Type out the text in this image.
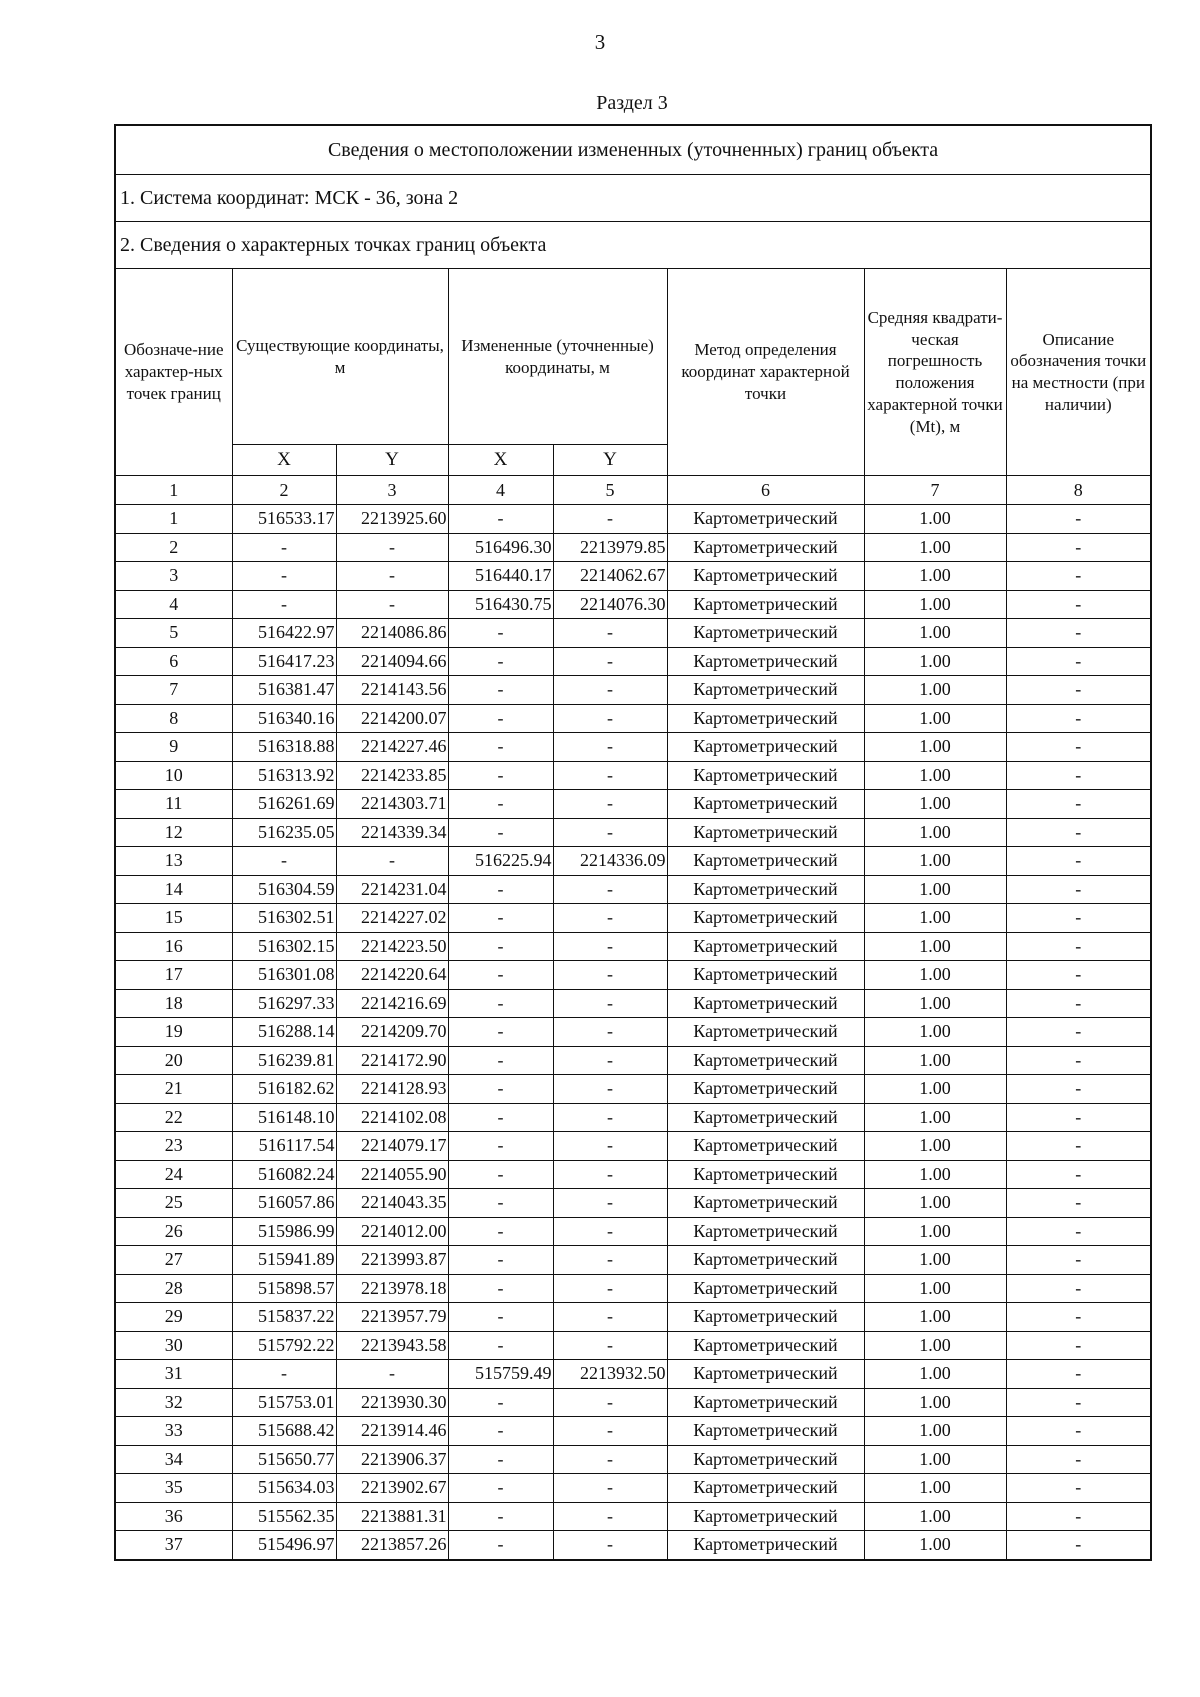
3
Раздел 3
Сведения о местоположении измененных (уточненных) границ объекта							
1. Система координат: МСК - 36, зона 2							
2. Сведения о характерных точках границ объекта							
Обозначе-ние характер-ных точек границ	Существующие координаты, м		Измененные (уточненные) координаты, м		Метод определения координат характерной точки	Средняя квадрати-ческая погрешность положения характерной точки (Mt), м	Описание обозначения точки на местности (при наличии)
	X	Y	X	Y			
1	2	3	4	5	6	7	8
1	516533.17	2213925.60	-	-	Картометрический	1.00	-
2	-	-	516496.30	2213979.85	Картометрический	1.00	-
3	-	-	516440.17	2214062.67	Картометрический	1.00	-
4	-	-	516430.75	2214076.30	Картометрический	1.00	-
5	516422.97	2214086.86	-	-	Картометрический	1.00	-
6	516417.23	2214094.66	-	-	Картометрический	1.00	-
7	516381.47	2214143.56	-	-	Картометрический	1.00	-
8	516340.16	2214200.07	-	-	Картометрический	1.00	-
9	516318.88	2214227.46	-	-	Картометрический	1.00	-
10	516313.92	2214233.85	-	-	Картометрический	1.00	-
11	516261.69	2214303.71	-	-	Картометрический	1.00	-
12	516235.05	2214339.34	-	-	Картометрический	1.00	-
13	-	-	516225.94	2214336.09	Картометрический	1.00	-
14	516304.59	2214231.04	-	-	Картометрический	1.00	-
15	516302.51	2214227.02	-	-	Картометрический	1.00	-
16	516302.15	2214223.50	-	-	Картометрический	1.00	-
17	516301.08	2214220.64	-	-	Картометрический	1.00	-
18	516297.33	2214216.69	-	-	Картометрический	1.00	-
19	516288.14	2214209.70	-	-	Картометрический	1.00	-
20	516239.81	2214172.90	-	-	Картометрический	1.00	-
21	516182.62	2214128.93	-	-	Картометрический	1.00	-
22	516148.10	2214102.08	-	-	Картометрический	1.00	-
23	516117.54	2214079.17	-	-	Картометрический	1.00	-
24	516082.24	2214055.90	-	-	Картометрический	1.00	-
25	516057.86	2214043.35	-	-	Картометрический	1.00	-
26	515986.99	2214012.00	-	-	Картометрический	1.00	-
27	515941.89	2213993.87	-	-	Картометрический	1.00	-
28	515898.57	2213978.18	-	-	Картометрический	1.00	-
29	515837.22	2213957.79	-	-	Картометрический	1.00	-
30	515792.22	2213943.58	-	-	Картометрический	1.00	-
31	-	-	515759.49	2213932.50	Картометрический	1.00	-
32	515753.01	2213930.30	-	-	Картометрический	1.00	-
33	515688.42	2213914.46	-	-	Картометрический	1.00	-
34	515650.77	2213906.37	-	-	Картометрический	1.00	-
35	515634.03	2213902.67	-	-	Картометрический	1.00	-
36	515562.35	2213881.31	-	-	Картометрический	1.00	-
37	515496.97	2213857.26	-	-	Картометрический	1.00	-
